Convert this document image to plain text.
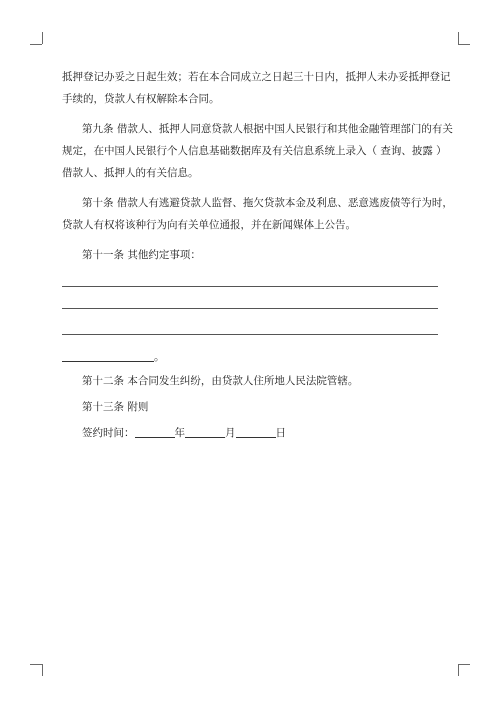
抵押登记办妥之日起生效；若在本合同成立之日起三十日内，抵押人未办妥抵押登记

手续的，贷款人有权解除本合同。

第九条 借款人、抵押人同意贷款人根据中国人民银行和其他金融管理部门的有关

规定，在中国人民银行个人信息基础数据库及有关信息系统上录入（ 查询、披露 ）

借款人、抵押人的有关信息。

第十条 借款人有逃避贷款人监督、拖欠贷款本金及利息、恶意逃废债等行为时，

贷款人有权将该种行为向有关单位通报，并在新闻媒体上公告。

第十一条 其他约定事项：

。
第十二条 本合同发生纠纷，由贷款人住所地人民法院管辖。
第十三条 附则
签约时间：	年	月	日
